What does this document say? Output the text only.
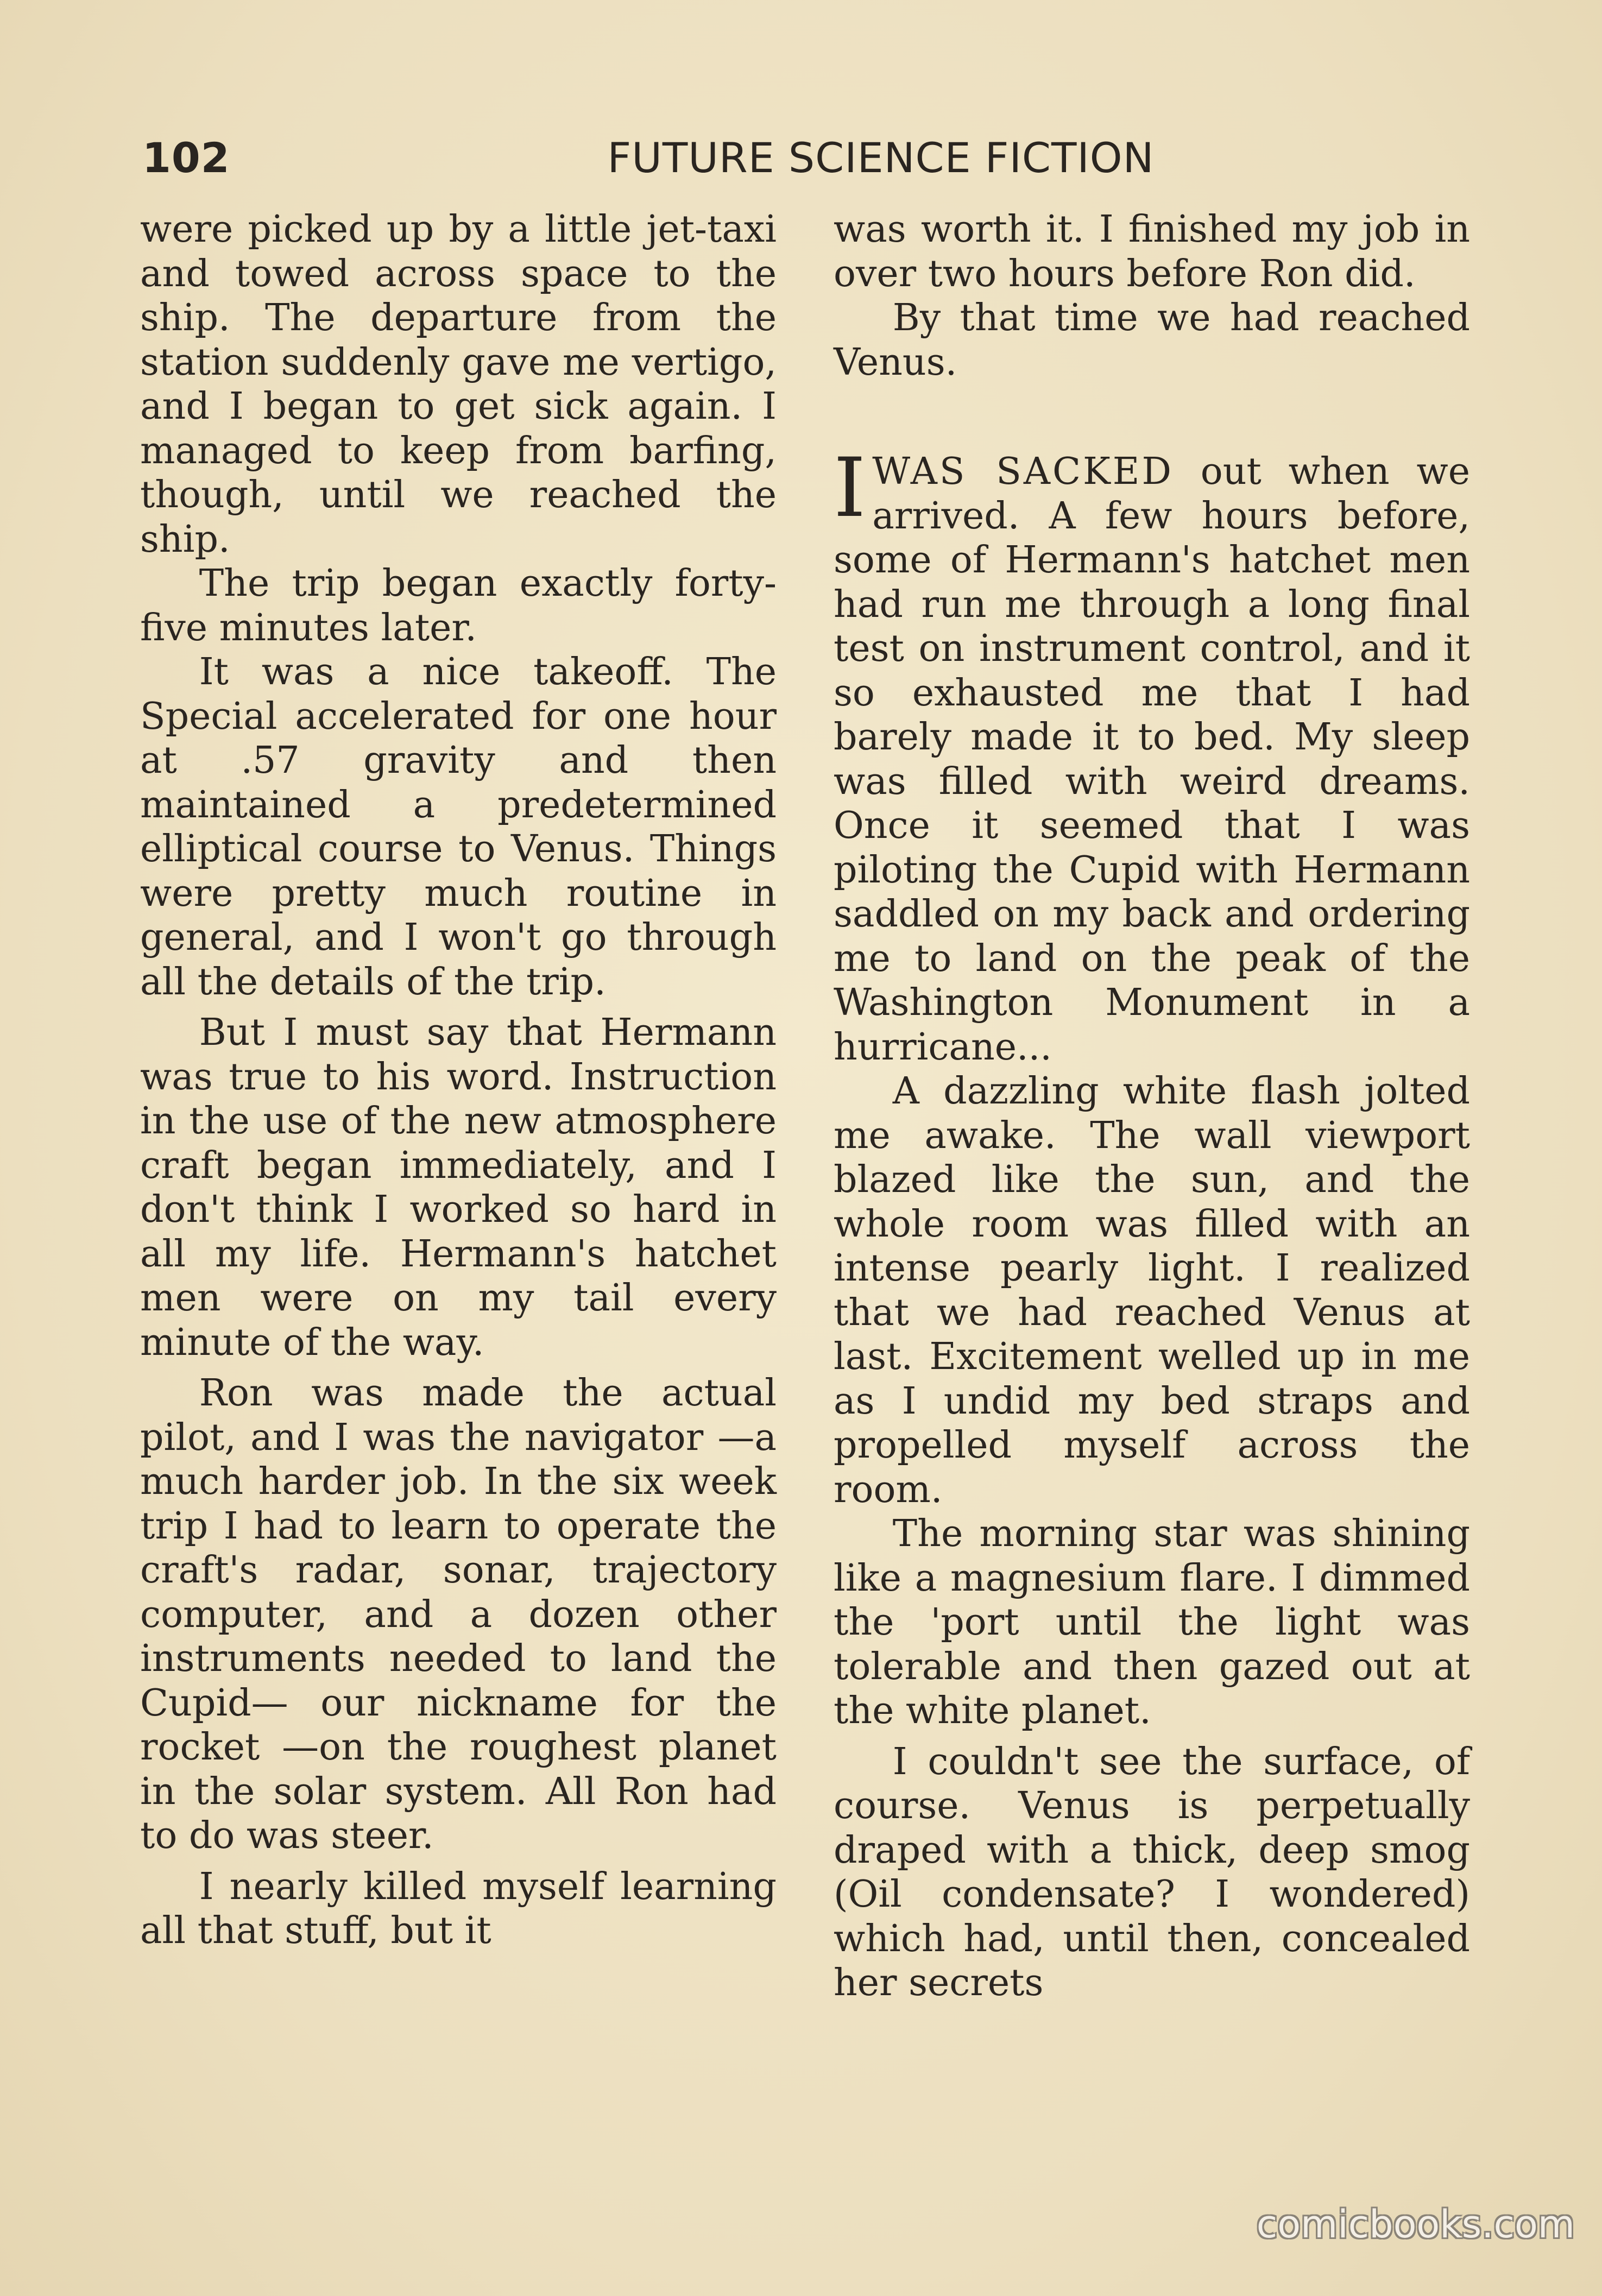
102	FUTURE SCIENCE FICTION

were picked up by a little jet-taxi and towed across space to the ship. The departure from the station suddenly gave me vertigo, and I began to get sick again. I managed to keep from barfing, though, until we reached the ship.

The trip began exactly forty-five minutes later.

It was a nice takeoff. The Special accelerated for one hour at .57 gravity and then maintained a predetermined elliptical course to Venus. Things were pretty much routine in general, and I won't go through all the details of the trip.

But I must say that Hermann was true to his word. Instruction in the use of the new atmosphere craft began immediately, and I don't think I worked so hard in all my life. Hermann's hatchet men were on my tail every minute of the way.

Ron was made the actual pilot, and I was the navigator —a much harder job. In the six week trip I had to learn to operate the craft's radar, sonar, trajectory computer, and a dozen other instruments needed to land the Cupid— our nickname for the rocket —on the roughest planet in the solar system. All Ron had to do was steer.

I nearly killed myself learning all that stuff, but it

was worth it. I finished my job in over two hours before Ron did.

By that time we had reached Venus.

IWAS SACKED out when we arrived. A few hours before, some of Hermann's hatchet men had run me through a long final test on instrument control, and it so exhausted me that I had barely made it to bed. My sleep was filled with weird dreams. Once it seemed that I was piloting the Cupid with Hermann saddled on my back and ordering me to land on the peak of the Washington Monument in a hurricane...

A dazzling white flash jolted me awake. The wall viewport blazed like the sun, and the whole room was filled with an intense pearly light. I realized that we had reached Venus at last. Excitement welled up in me as I undid my bed straps and propelled myself across the room.

The morning star was shining like a magnesium flare. I dimmed the 'port until the light was tolerable and then gazed out at the white planet.

I couldn't see the surface, of course. Venus is perpetually draped with a thick, deep smog (Oil condensate? I wondered) which had, until then, concealed her secrets

comicbooks.com
